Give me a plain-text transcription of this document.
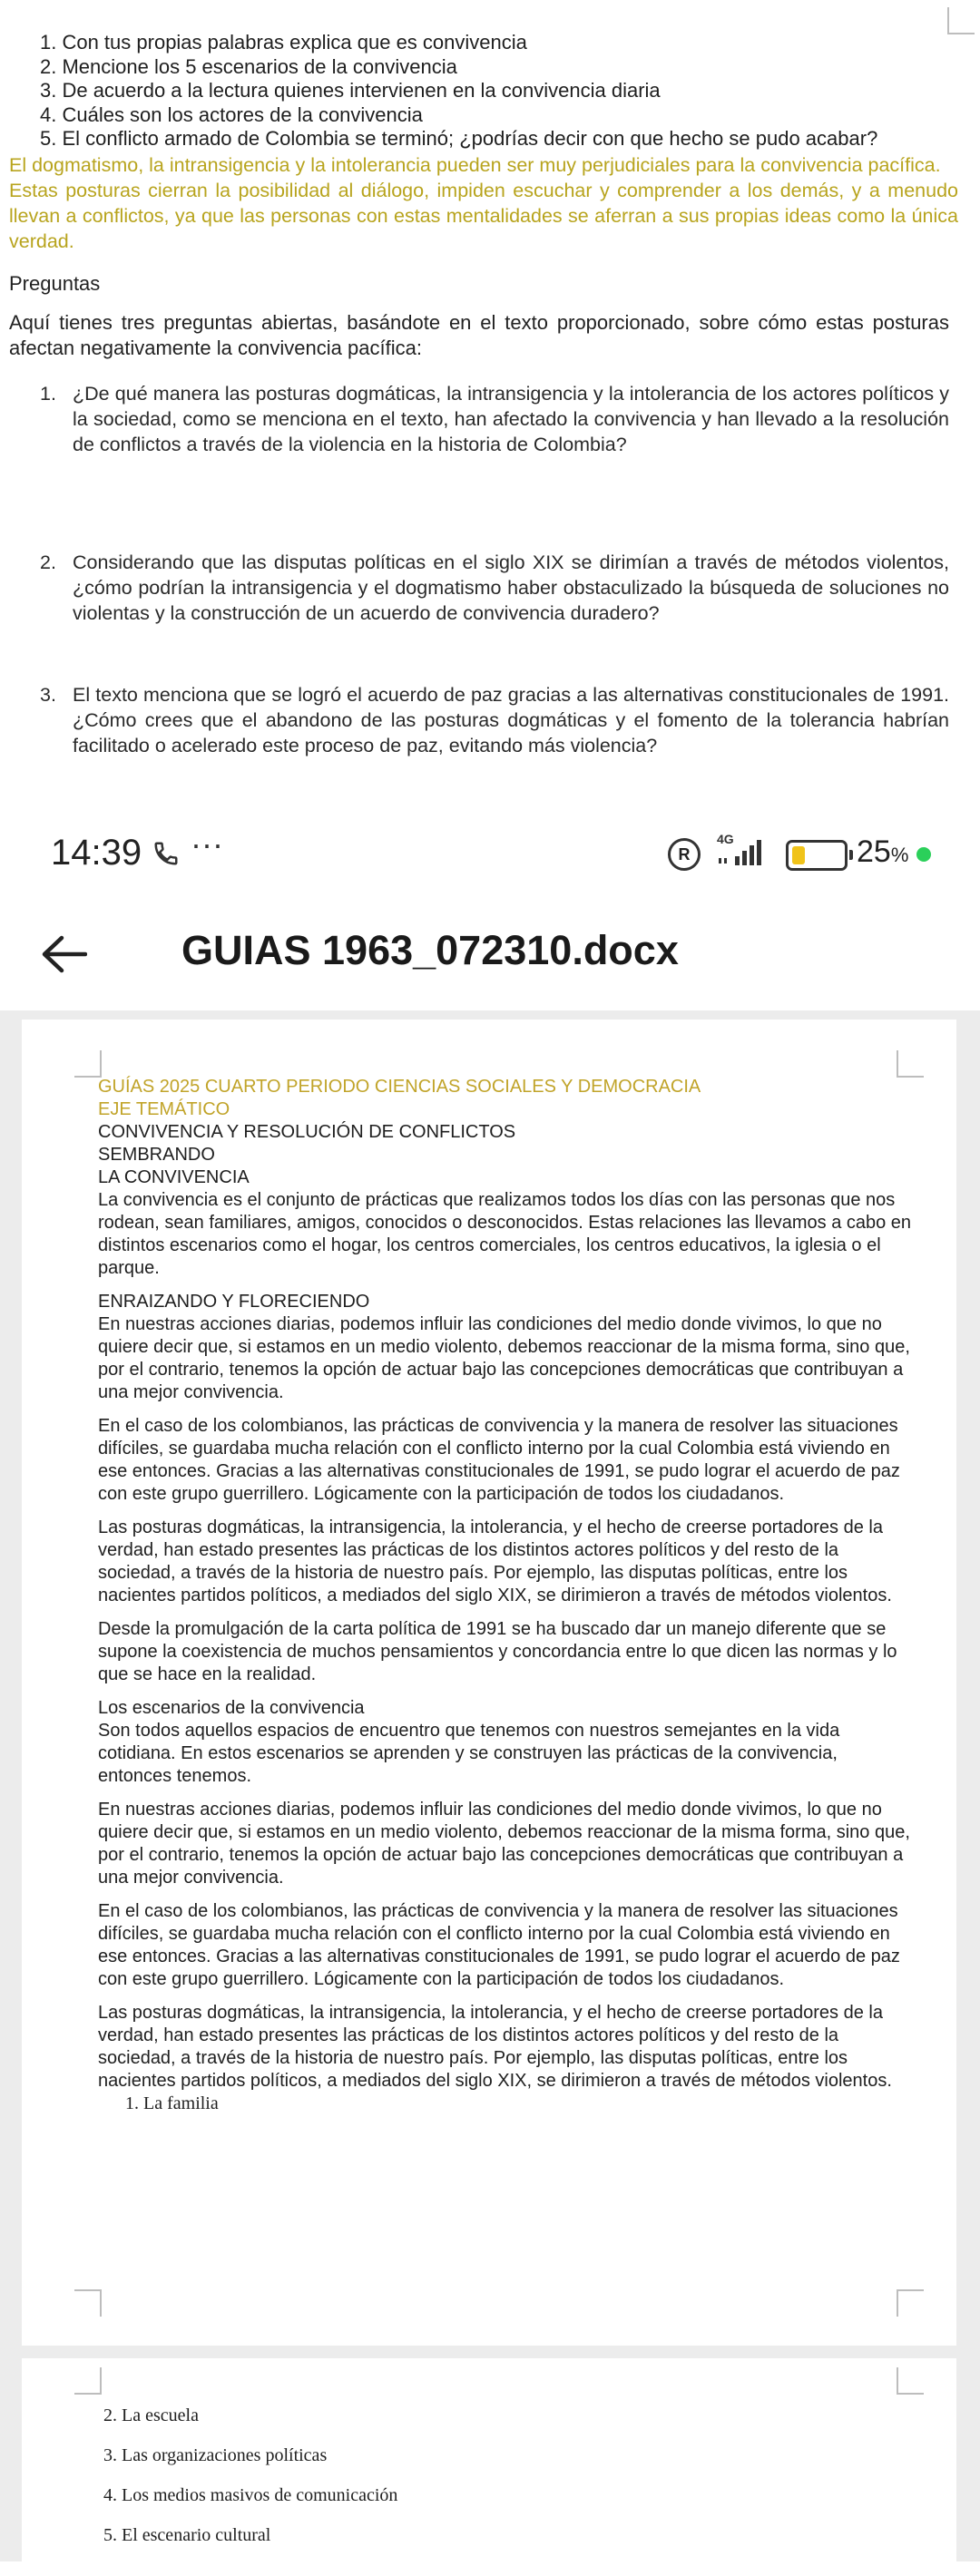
1. Con tus propias palabras explica que es convivencia
2. Mencione los 5 escenarios de la convivencia
3. De acuerdo a la lectura quienes intervienen en la convivencia diaria
4. Cuáles son los actores de la convivencia
5. El conflicto armado de Colombia se terminó; ¿podrías decir con que hecho se pudo acabar?
El dogmatismo, la intransigencia y la intolerancia pueden ser muy perjudiciales para la convivencia pacífica.
Estas posturas cierran la posibilidad al diálogo, impiden escuchar y comprender a los demás, y a menudo llevan a conflictos, ya que las personas con estas mentalidades se aferran a sus propias ideas como la única verdad.
Preguntas
Aquí tienes tres preguntas abiertas, basándote en el texto proporcionado, sobre cómo estas posturas afectan negativamente la convivencia pacífica:
1. ¿De qué manera las posturas dogmáticas, la intransigencia y la intolerancia de los actores políticos y la sociedad, como se menciona en el texto, han afectado la convivencia y han llevado a la resolución de conflictos a través de la violencia en la historia de Colombia?
2. Considerando que las disputas políticas en el siglo XIX se dirimían a través de métodos violentos, ¿cómo podrían la intransigencia y el dogmatismo haber obstaculizado la búsqueda de soluciones no violentas y la construcción de un acuerdo de convivencia duradero?
3. El texto menciona que se logró el acuerdo de paz gracias a las alternativas constitucionales de 1991. ¿Cómo crees que el abandono de las posturas dogmáticas y el fomento de la tolerancia habrían facilitado o acelerado este proceso de paz, evitando más violencia?
14:39 ···	R
4G	25%
GUIAS 1963_072310.docx
GUÍAS 2025 CUARTO PERIODO CIENCIAS SOCIALES Y DEMOCRACIA
EJE TEMÁTICO
CONVIVENCIA Y RESOLUCIÓN DE CONFLICTOS
SEMBRANDO
LA CONVIVENCIA
La convivencia es el conjunto de prácticas que realizamos todos los días con las personas que nos rodean, sean familiares, amigos, conocidos o desconocidos. Estas relaciones las llevamos a cabo en distintos escenarios como el hogar, los centros comerciales, los centros educativos, la iglesia o el parque.
ENRAIZANDO Y FLORECIENDO
En nuestras acciones diarias, podemos influir las condiciones del medio donde vivimos, lo que no quiere decir que, si estamos en un medio violento, debemos reaccionar de la misma forma, sino que, por el contrario, tenemos la opción de actuar bajo las concepciones democráticas que contribuyan a una mejor convivencia.
En el caso de los colombianos, las prácticas de convivencia y la manera de resolver las situaciones difíciles, se guardaba mucha relación con el conflicto interno por la cual Colombia está viviendo en ese entonces. Gracias a las alternativas constitucionales de 1991, se pudo lograr el acuerdo de paz con este grupo guerrillero. Lógicamente con la participación de todos los ciudadanos.
Las posturas dogmáticas, la intransigencia, la intolerancia, y el hecho de creerse portadores de la verdad, han estado presentes las prácticas de los distintos actores políticos y del resto de la sociedad, a través de la historia de nuestro país. Por ejemplo, las disputas políticas, entre los nacientes partidos políticos, a mediados del siglo XIX, se dirimieron a través de métodos violentos.
Desde la promulgación de la carta política de 1991 se ha buscado dar un manejo diferente que se supone la coexistencia de muchos pensamientos y concordancia entre lo que dicen las normas y lo que se hace en la realidad.
Los escenarios de la convivencia
Son todos aquellos espacios de encuentro que tenemos con nuestros semejantes en la vida cotidiana. En estos escenarios se aprenden y se construyen las prácticas de la convivencia, entonces tenemos.
En nuestras acciones diarias, podemos influir las condiciones del medio donde vivimos, lo que no quiere decir que, si estamos en un medio violento, debemos reaccionar de la misma forma, sino que, por el contrario, tenemos la opción de actuar bajo las concepciones democráticas que contribuyan a una mejor convivencia.
En el caso de los colombianos, las prácticas de convivencia y la manera de resolver las situaciones difíciles, se guardaba mucha relación con el conflicto interno por la cual Colombia está viviendo en ese entonces. Gracias a las alternativas constitucionales de 1991, se pudo lograr el acuerdo de paz con este grupo guerrillero. Lógicamente con la participación de todos los ciudadanos.
Las posturas dogmáticas, la intransigencia, la intolerancia, y el hecho de creerse portadores de la verdad, han estado presentes las prácticas de los distintos actores políticos y del resto de la sociedad, a través de la historia de nuestro país. Por ejemplo, las disputas políticas, entre los nacientes partidos políticos, a mediados del siglo XIX, se dirimieron a través de métodos violentos.
1. La familia
2. La escuela
3. Las organizaciones políticas
4. Los medios masivos de comunicación
5. El escenario cultural
